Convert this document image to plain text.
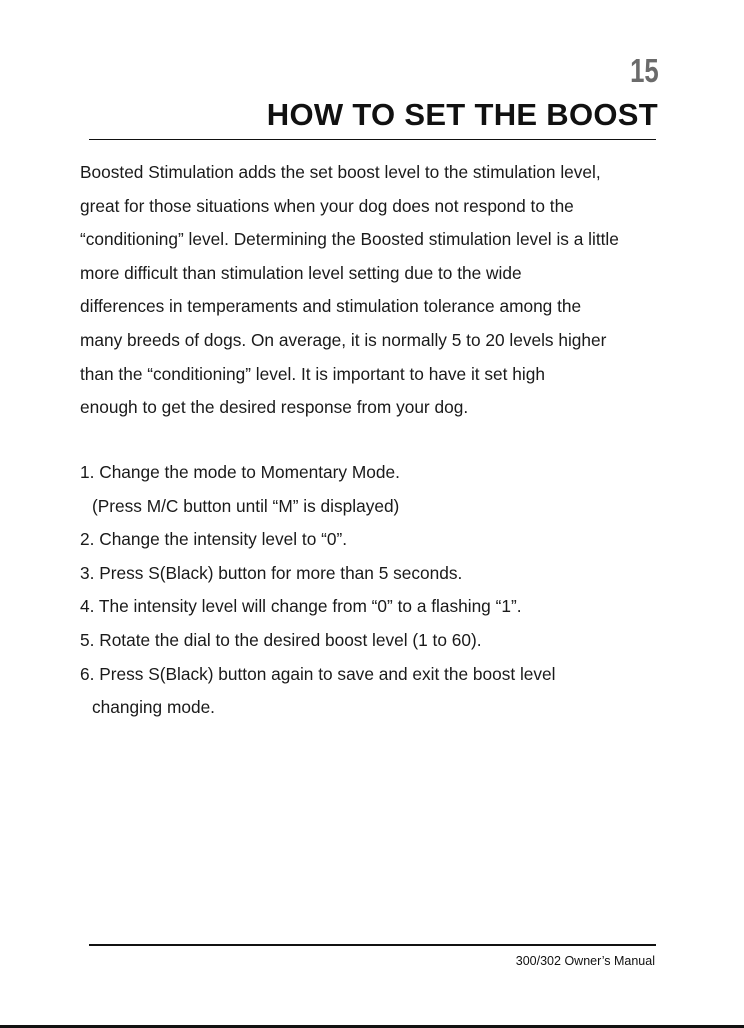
15
HOW TO SET THE BOOST
Boosted Stimulation adds the set boost level to the stimulation level,
great for those situations when your dog does not respond to the
“conditioning” level. Determining the Boosted stimulation level is a little
more difficult than stimulation level setting due to the wide
differences in temperaments and stimulation tolerance among the
many breeds of dogs. On average, it is normally 5 to 20 levels higher
than the “conditioning” level. It is important to have it set high
enough to get the desired response from your dog.
1. Change the mode to Momentary Mode.
(Press M/C button until “M” is displayed)
2. Change the intensity level to “0”.
3. Press S(Black) button for more than 5 seconds.
4. The intensity level will change from “0” to a flashing “1”.
5. Rotate the dial to the desired boost level (1 to 60).
6. Press S(Black) button again to save and exit the boost level
changing mode.
300/302 Owner’s Manual
